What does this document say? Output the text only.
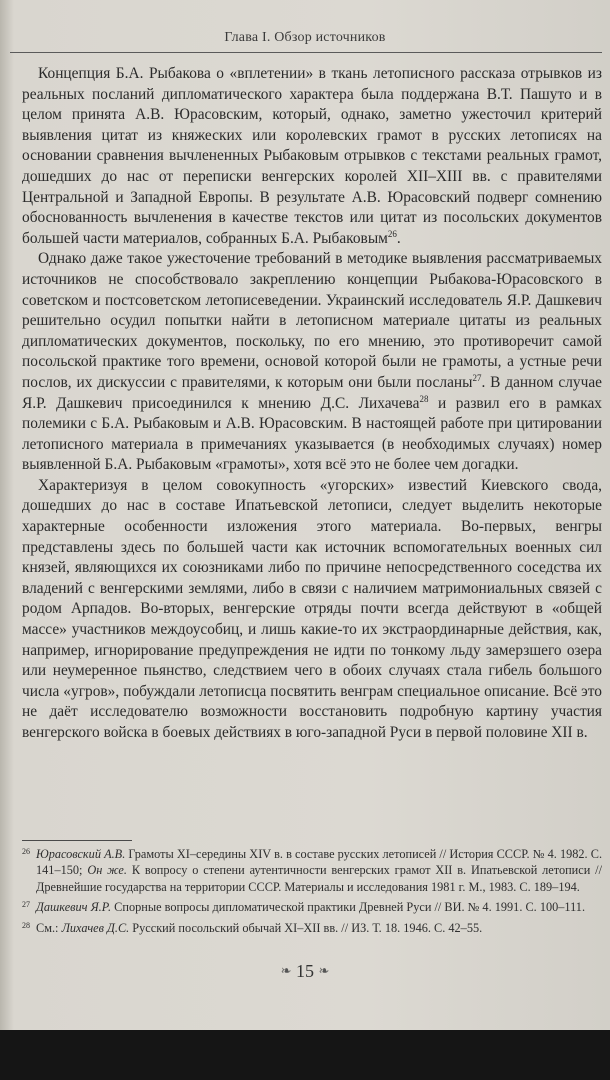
Глава I. Обзор источников

Концепция Б.А. Рыбакова о «вплетении» в ткань летописного рассказа отрывков из реальных посланий дипломатического характера была поддержана В.Т. Пашуто и в целом принята А.В. Юрасовским, который, однако, заметно ужесточил критерий выявления цитат из княжеских или королевских грамот в русских летописях на основании сравнения вычлененных Рыбаковым отрывков с текстами реальных грамот, дошедших до нас от переписки венгерских королей XII–XIII вв. с правителями Центральной и Западной Европы. В результате А.В. Юрасовский подверг сомнению обоснованность вычленения в качестве текстов или цитат из посольских документов большей части материалов, собранных Б.А. Рыбаковым$^{26}$.

Однако даже такое ужесточение требований в методике выявления рассматриваемых источников не способствовало закреплению концепции Рыбакова-Юрасовского в советском и постсоветском летописеведении. Украинский исследователь Я.Р. Дашкевич решительно осудил попытки найти в летописном материале цитаты из реальных дипломатических документов, поскольку, по его мнению, это противоречит самой посольской практике того времени, основой которой были не грамоты, а устные речи послов, их дискуссии с правителями, к которым они были посланы$^{27}$. В данном случае Я.Р. Дашкевич присоединился к мнению Д.С. Лихачева$^{28}$ и развил его в рамках полемики с Б.А. Рыбаковым и А.В. Юрасовским. В настоящей работе при цитировании летописного материала в примечаниях указывается (в необходимых случаях) номер выявленной Б.А. Рыбаковым «грамоты», хотя всё это не более чем догадки.

Характеризуя в целом совокупность «угорских» известий Киевского свода, дошедших до нас в составе Ипатьевской летописи, следует выделить некоторые характерные особенности изложения этого материала. Во-первых, венгры представлены здесь по большей части как источник вспомогательных военных сил князей, являющихся их союзниками либо по причине непосредственного соседства их владений с венгерскими землями, либо в связи с наличием матримониальных связей с родом Арпадов. Во-вторых, венгерские отряды почти всегда действуют в «общей массе» участников междоусобиц, и лишь какие-то их экстраординарные действия, как, например, игнорирование предупреждения не идти по тонкому льду замерзшего озера или неумеренное пьянство, следствием чего в обоих случаях стала гибель большого числа «угров», побуждали летописца посвятить венграм специальное описание. Всё это не даёт исследователю возможности восстановить подробную картину участия венгерского войска в боевых действиях в юго-западной Руси в первой половине XII в.

26 Юрасовский А.В. Грамоты XI–середины XIV в. в составе русских летописей // История СССР. № 4. 1982. С. 141–150; Он же. К вопросу о степени аутентичности венгерских грамот XII в. Ипатьевской летописи // Древнейшие государства на территории СССР. Материалы и исследования 1981 г. М., 1983. С. 189–194.
27 Дашкевич Я.Р. Спорные вопросы дипломатической практики Древней Руси // ВИ. № 4. 1991. С. 100–111.
28 См.: Лихачев Д.С. Русский посольский обычай XI–XII вв. // ИЗ. Т. 18. 1946. С. 42–55.
❧ 15 ❧
